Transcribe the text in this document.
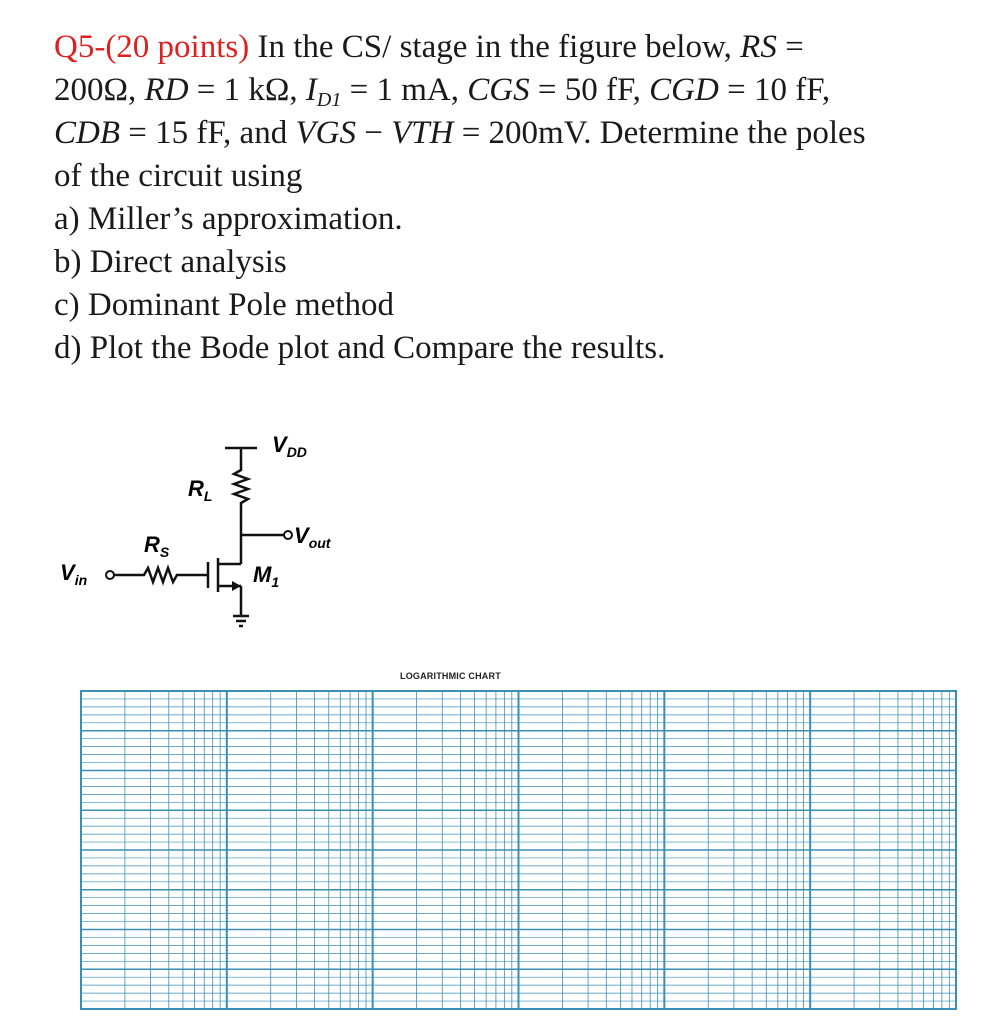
Q5-(20 points) In the CS/ stage in the figure below, RS =
200Ω, RD = 1 kΩ, $I_{D1} = 1$ mA, CGS = 50 fF, CGD = 10 fF,
CDB = 15 fF, and VGS − VTH = 200mV. Determine the poles
of the circuit using
a) Miller’s approximation.
b) Direct analysis
c) Dominant Pole method
d) Plot the Bode plot and Compare the results.
$V_{DD}$
$R_L$
$R_S$
$V_{out}$
$V_{in}$	$M_1$
LOGARITHMIC CHART
